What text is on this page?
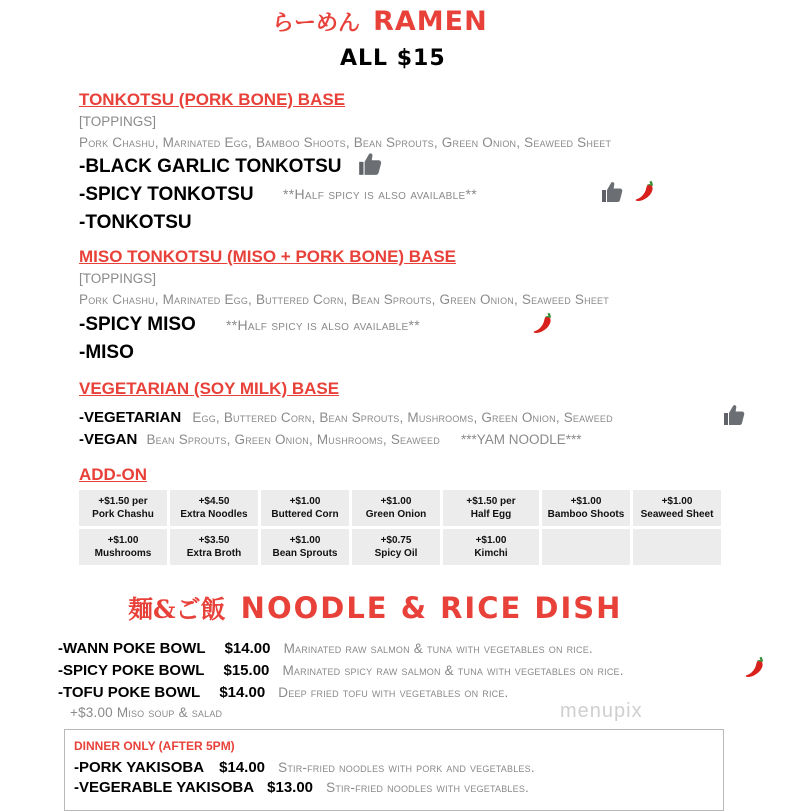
らーめん RAMEN
ALL $15
TONKOTSU (PORK BONE) BASE
[TOPPINGS]
Pork Chashu, Marinated Egg, Bamboo Shoots, Bean Sprouts, Green Onion, Seaweed Sheet
-BLACK GARLIC TONKOTSU
-SPICY TONKOTSU **Half spicy is also available**
-TONKOTSU
MISO TONKOTSU (MISO + PORK BONE) BASE
[TOPPINGS]
Pork Chashu, Marinated Egg, Buttered Corn, Bean Sprouts, Green Onion, Seaweed Sheet
-SPICY MISO **Half spicy is also available**
-MISO
VEGETARIAN (SOY MILK) BASE
-VEGETARIAN Egg, Buttered Corn, Bean Sprouts, Mushrooms, Green Onion, Seaweed
-VEGAN Bean Sprouts, Green Onion, Mushrooms, Seaweed ***YAM NOODLE***
ADD-ON
+$1.50 per
Pork Chashu
+$4.50
Extra Noodles
+$1.00
Buttered Corn
+$1.00
Green Onion
+$1.50 per
Half Egg
+$1.00
Bamboo Shoots
+$1.00
Seaweed Sheet
+$1.00
Mushrooms
+$3.50
Extra Broth
+$1.00
Bean Sprouts
+$0.75
Spicy Oil
+$1.00
Kimchi
麺&ご飯 NOODLE & RICE DISH
-WANN POKE BOWL $14.00 Marinated raw salmon & tuna with vegetables on rice.
-SPICY POKE BOWL $15.00 Marinated spicy raw salmon & tuna with vegetables on rice.
-TOFU POKE BOWL $14.00 Deep fried tofu with vegetables on rice.
+$3.00 Miso soup & salad	menupix
DINNER ONLY (AFTER 5PM)
-PORK YAKISOBA $14.00 Stir-fried noodles with pork and vegetables.
-VEGERABLE YAKISOBA $13.00 Stir-fried noodles with vegetables.
